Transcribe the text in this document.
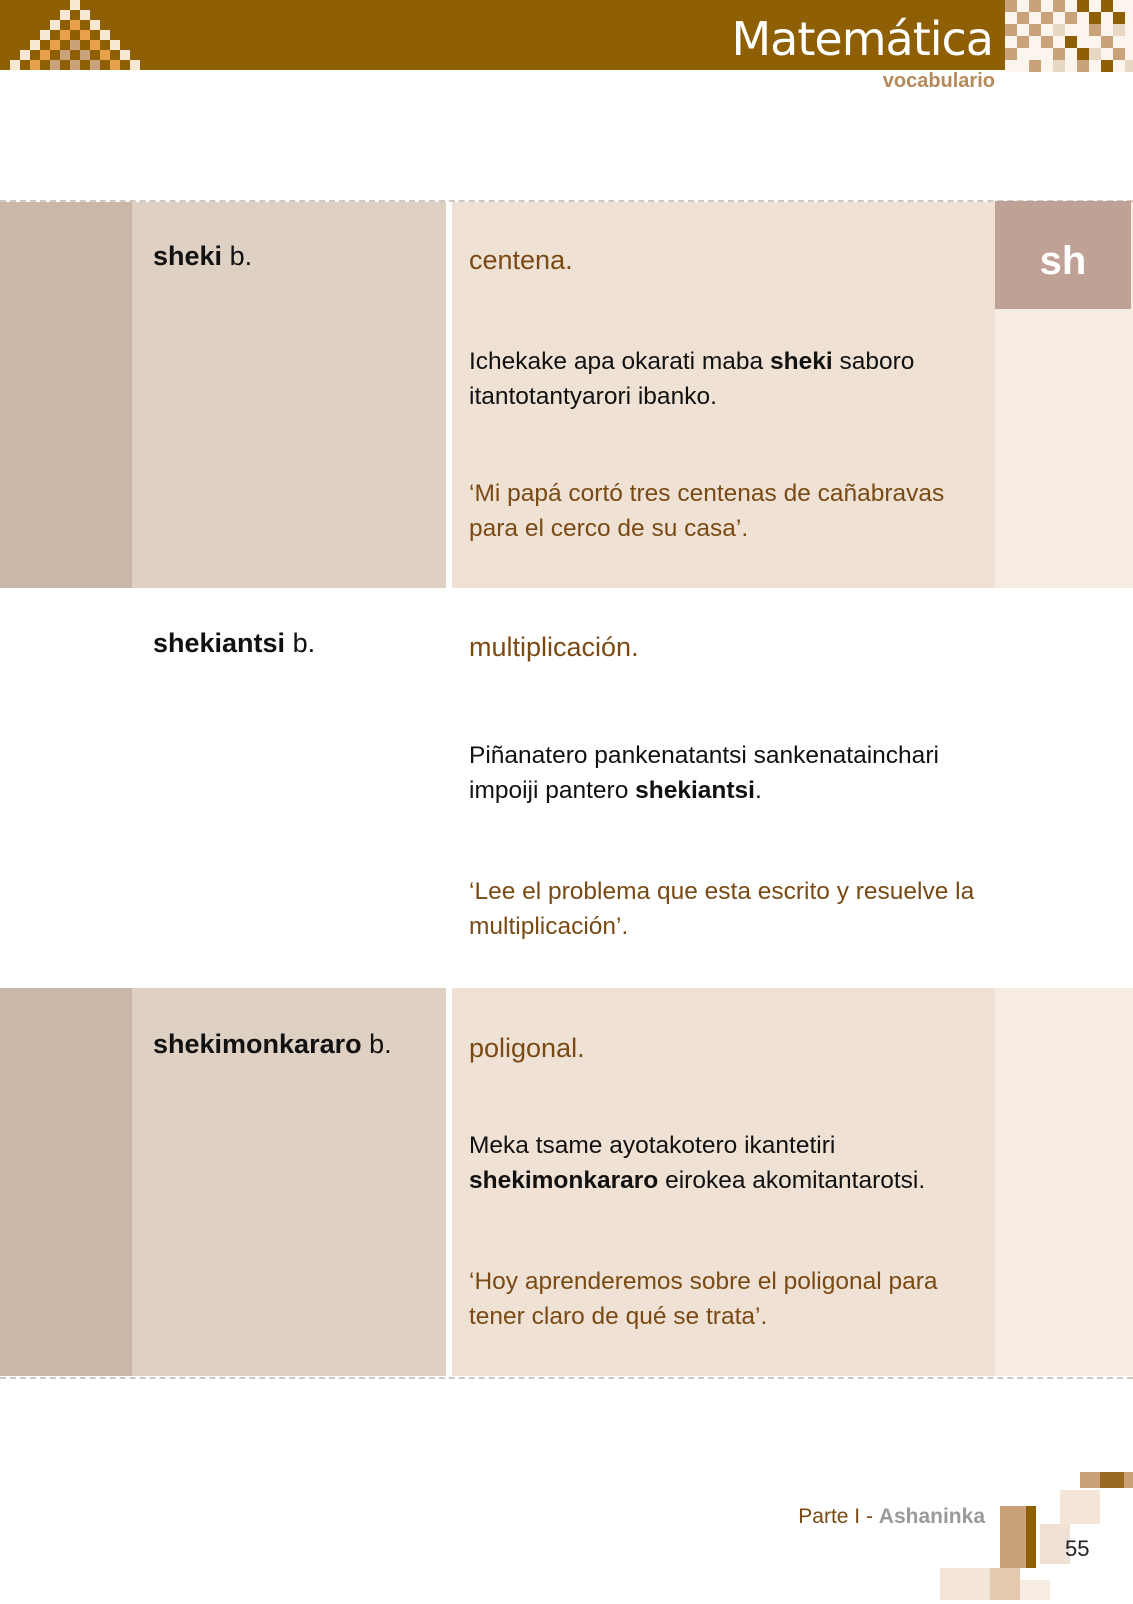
Matemática
vocabulario
sh
sheki b.	centena.
Ichekake apa okarati maba sheki saboro itantotantyarori ibanko.
‘Mi papá cortó tres centenas de cañabravas para el cerco de su casa’.
shekiantsi b.	multiplicación.
Piñanatero pankenatantsi sankenatainchari impoiji pantero shekiantsi.
‘Lee el problema que esta escrito y resuelve la multiplicación’.
shekimonkararo b.	poligonal.
Meka tsame ayotakotero ikantetiri shekimonkararo eirokea akomitantarotsi.
‘Hoy aprenderemos sobre el poligonal para tener claro de qué se trata’.
Parte I - Ashaninka
55
